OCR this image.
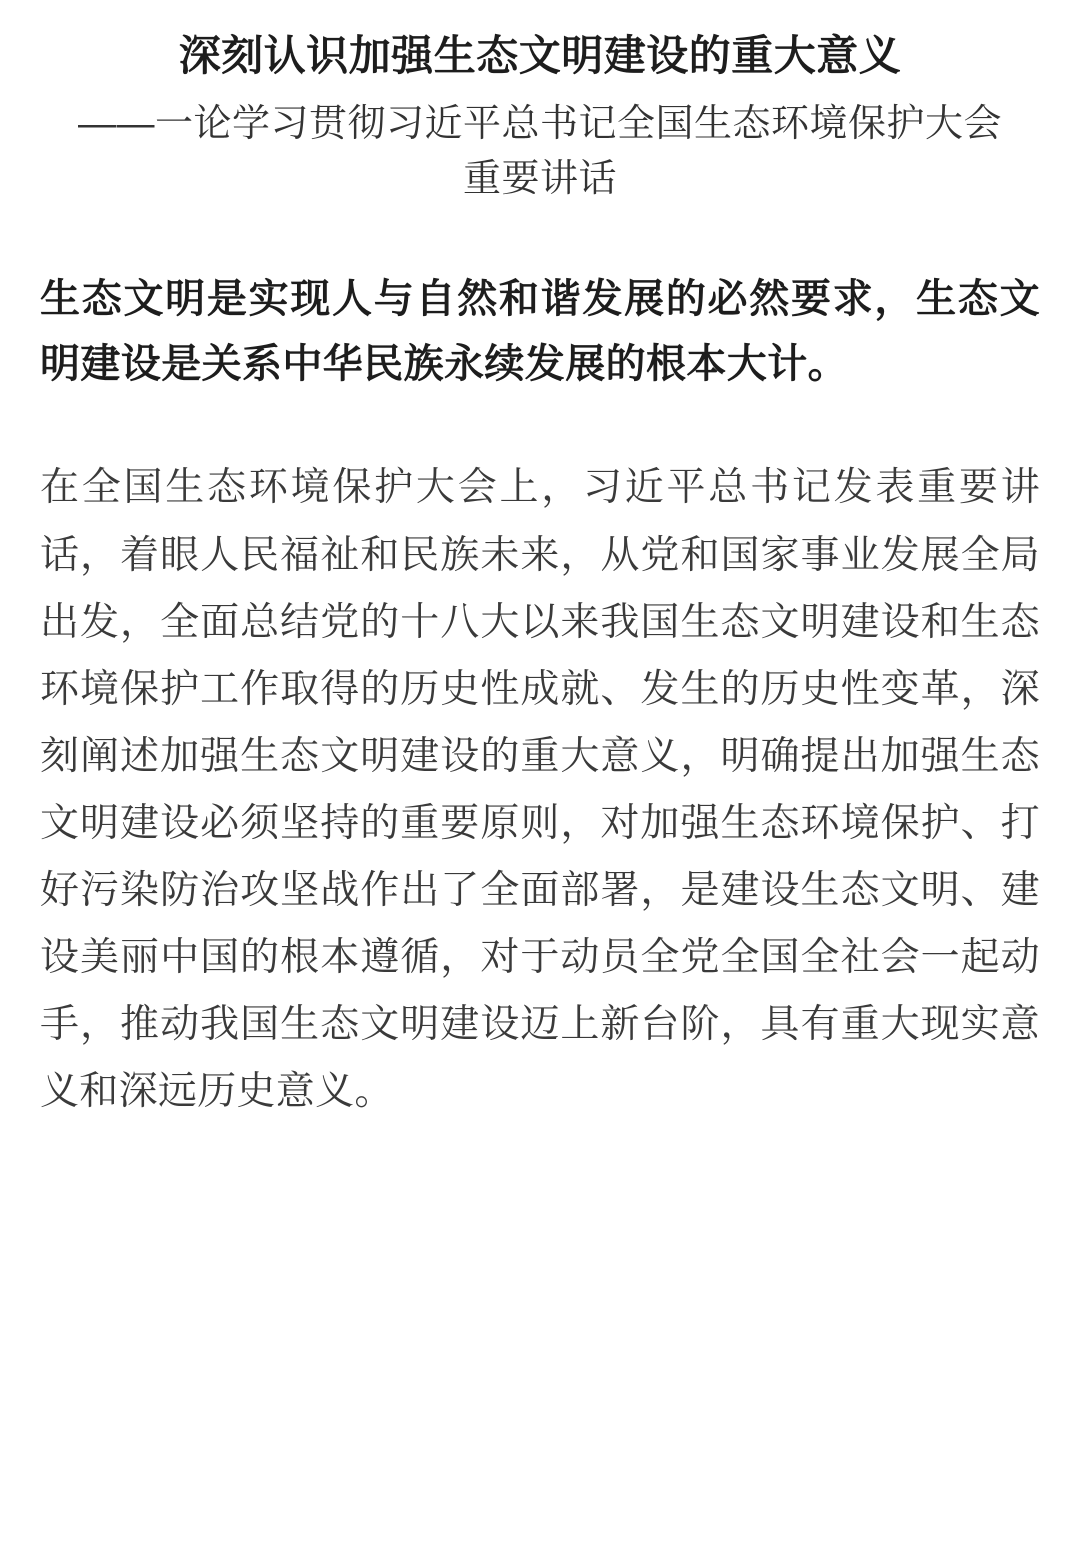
深刻认识加强生态文明建设的重大意义
——一论学习贯彻习近平总书记全国生态环境保护大会重要讲话

生态文明是实现人与自然和谐发展的必然要求，生态文明建设是关系中华民族永续发展的根本大计。

在全国生态环境保护大会上，习近平总书记发表重要讲话，着眼人民福祉和民族未来，从党和国家事业发展全局出发，全面总结党的十八大以来我国生态文明建设和生态环境保护工作取得的历史性成就、发生的历史性变革，深刻阐述加强生态文明建设的重大意义，明确提出加强生态文明建设必须坚持的重要原则，对加强生态环境保护、打好污染防治攻坚战作出了全面部署，是建设生态文明、建设美丽中国的根本遵循，对于动员全党全国全社会一起动手，推动我国生态文明建设迈上新台阶，具有重大现实意义和深远历史意义。
